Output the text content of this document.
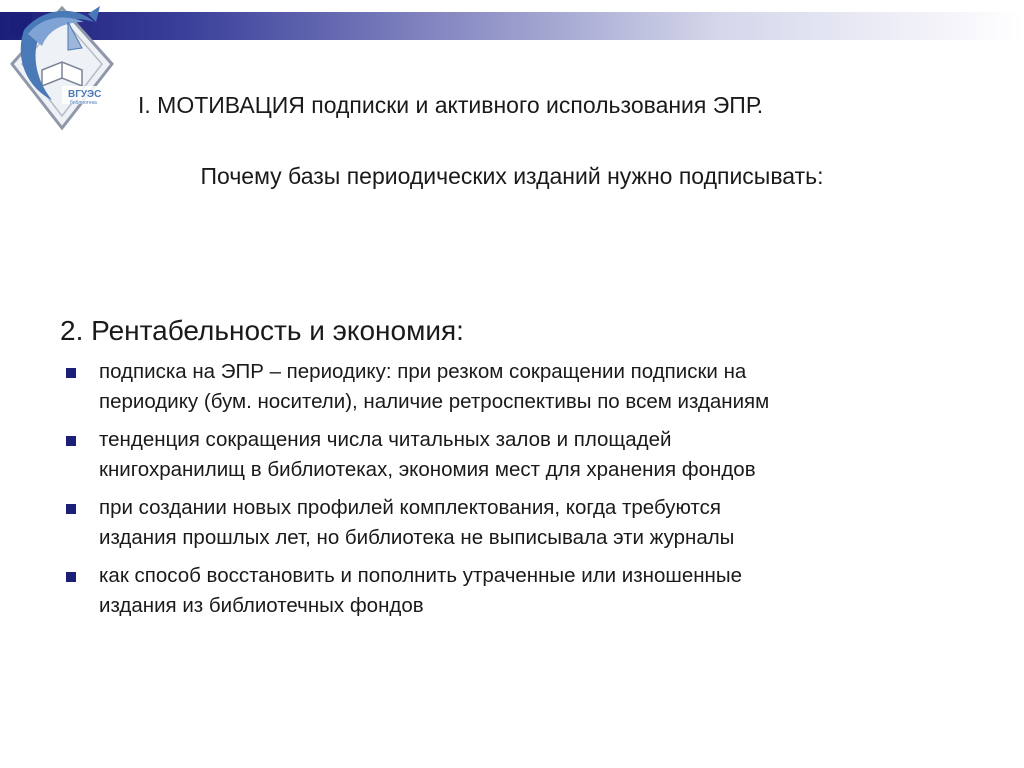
ВГУЭС
библиотека I. МОТИВАЦИЯ подписки и активного использования ЭПР.
Почему базы периодических изданий нужно подписывать:
2. Рентабельность и экономия:
подписка на ЭПР – периодику: при резком сокращении подписки на
периодику (бум. носители), наличие ретроспективы по всем изданиям
тенденция сокращения числа читальных залов и площадей
книгохранилищ в библиотеках, экономия мест для хранения фондов
при создании новых профилей комплектования, когда требуются
издания прошлых лет, но библиотека не выписывала эти журналы
как способ восстановить и пополнить утраченные или изношенные
издания из библиотечных фондов
